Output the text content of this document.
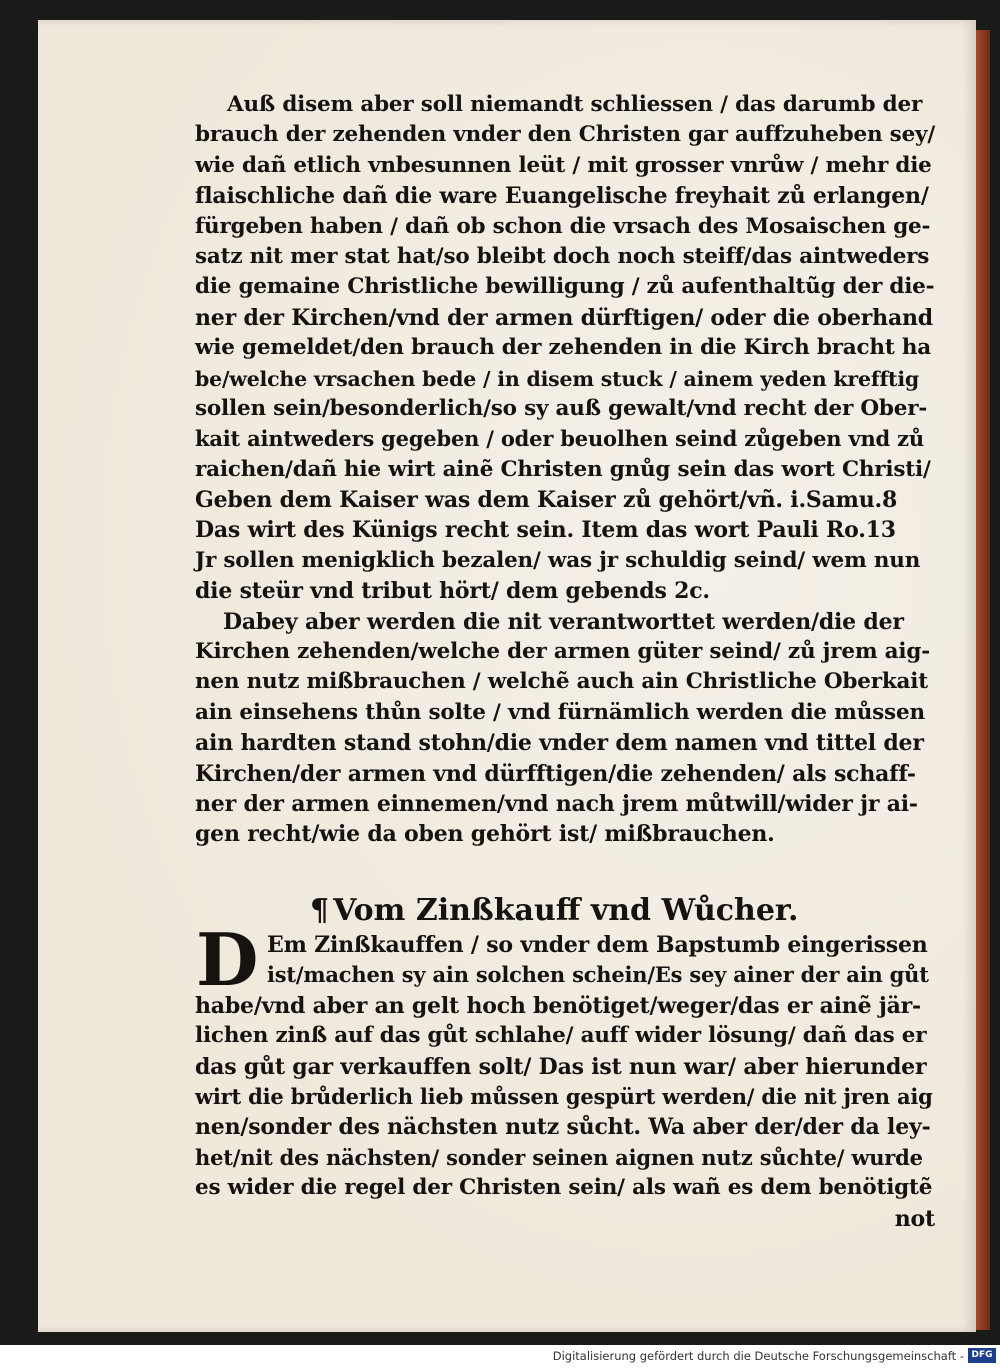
Auß disem aber soll niemandt schliessen / das darumb der
brauch der zehenden vnder den Christen gar auffzuheben sey/
wie dañ etlich vnbesunnen leüt / mit grosser vnrůw / mehr die
flaischliche dañ die ware Euangelische freyhait zů erlangen/
fürgeben haben / dañ ob schon die vrsach des Mosaischen ge-
satz nit mer stat hat/so bleibt doch noch steiff/das aintweders
die gemaine Christliche bewilligung / zů aufenthaltũg der die-
ner der Kirchen/vnd der armen dürftigen/ oder die oberhand
wie gemeldet/den brauch der zehenden in die Kirch bracht ha
be/welche vrsachen bede / in disem stuck / ainem yeden krefftig
sollen sein/besonderlich/so sy auß gewalt/vnd recht der Ober-
kait aintweders gegeben / oder beuolhen seind zůgeben vnd zů
raichen/dañ hie wirt ainẽ Christen gnůg sein das wort Christi/
Geben dem Kaiser was dem Kaiser zů gehört/vñ. i.Samu.8
Das wirt des Künigs recht sein. Item das wort Pauli Ro.13
Jr sollen menigklich bezalen/ was jr schuldig seind/ wem nun
die steür vnd tribut hört/ dem gebends 2c.
Dabey aber werden die nit verantworttet werden/die der
Kirchen zehenden/welche der armen güter seind/ zů jrem aig-
nen nutz mißbrauchen / welchẽ auch ain Christliche Oberkait
ain einsehens thůn solte / vnd fürnämlich werden die můssen
ain hardten stand stohn/die vnder dem namen vnd tittel der
Kirchen/der armen vnd dürfftigen/die zehenden/ als schaff-
ner der armen einnemen/vnd nach jrem můtwill/wider jr ai-
gen recht/wie da oben gehört ist/ mißbrauchen.
¶ Vom Zinßkauff vnd Wůcher.
D Em Zinßkauffen / so vnder dem Bapstumb eingerissen
ist/machen sy ain solchen schein/Es sey ainer der ain gůt
habe/vnd aber an gelt hoch benötiget/weger/das er ainẽ jär-
lichen zinß auf das gůt schlahe/ auff wider lösung/ dañ das er
das gůt gar verkauffen solt/ Das ist nun war/ aber hierunder
wirt die brůderlich lieb můssen gespürt werden/ die nit jren aig
nen/sonder des nächsten nutz sůcht. Wa aber der/der da ley-
het/nit des nächsten/ sonder seinen aignen nutz sůchte/ wurde
es wider die regel der Christen sein/ als wañ es dem benötigtẽ
not
Digitalisierung gefördert durch die Deutsche Forschungsgemeinschaft - DFG
